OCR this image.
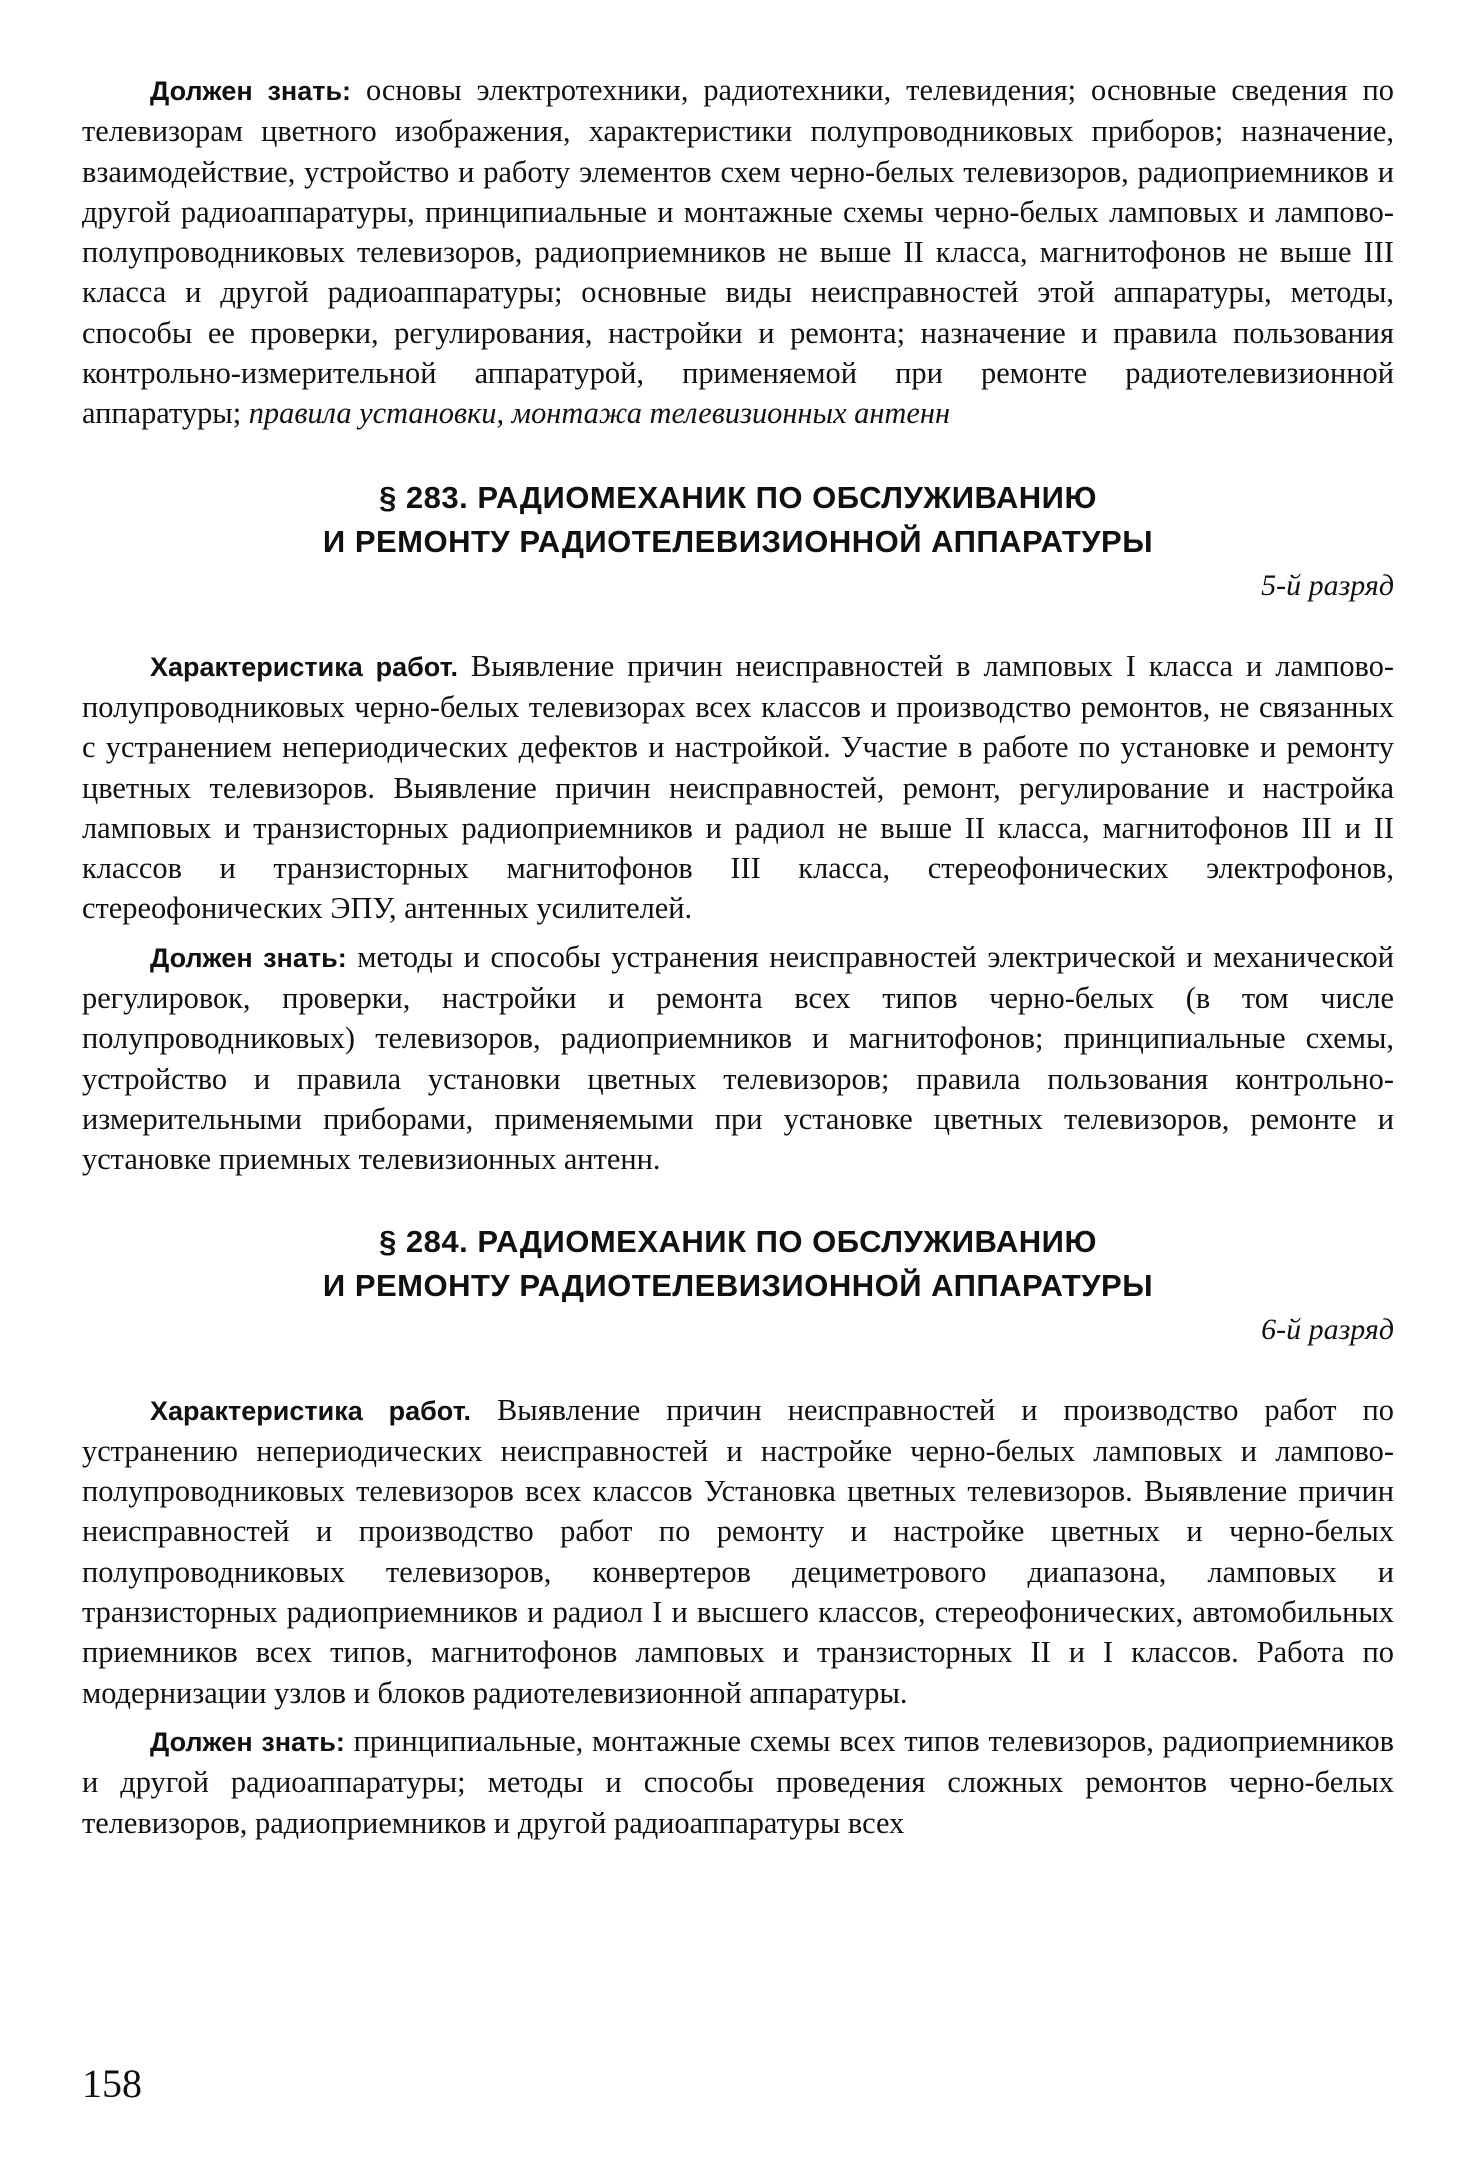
Должен знать: основы электротехники, радиотехники, телевидения; основные сведения по телевизорам цветного изображения, характеристики полупроводниковых приборов; назначение, взаимодействие, устройство и работу элементов схем черно-белых телевизоров, радиоприемников и другой радиоаппаратуры, принципиальные и монтажные схемы черно-белых ламповых и лампово-полупроводниковых телевизоров, радиоприемников не выше II класса, магнитофонов не выше III класса и другой радиоаппаратуры; основные виды неисправностей этой аппаратуры, методы, способы ее проверки, регулирования, настройки и ремонта; назначение и правила пользования контрольно-измерительной аппаратурой, применяемой при ремонте радиотелевизионной аппаратуры; правила установки, монтажа телевизионных антенн

§ 283. РАДИОМЕХАНИК ПО ОБСЛУЖИВАНИЮ
И РЕМОНТУ РАДИОТЕЛЕВИЗИОННОЙ АППАРАТУРЫ
5-й разряд

Характеристика работ. Выявление причин неисправностей в ламповых I класса и лампово-полупроводниковых черно-белых телевизорах всех классов и производство ремонтов, не связанных с устранением непериодических дефектов и настройкой. Участие в работе по установке и ремонту цветных телевизоров. Выявление причин неисправностей, ремонт, регулирование и настройка ламповых и транзисторных радиоприемников и радиол не выше II класса, магнитофонов III и II классов и транзисторных магнитофонов III класса, стереофонических электрофонов, стереофонических ЭПУ, антенных усилителей.

Должен знать: методы и способы устранения неисправностей электрической и механической регулировок, проверки, настройки и ремонта всех типов черно-белых (в том числе полупроводниковых) телевизоров, радиоприемников и магнитофонов; принципиальные схемы, устройство и правила установки цветных телевизоров; правила пользования контрольно-измерительными приборами, применяемыми при установке цветных телевизоров, ремонте и установке приемных телевизионных антенн.

§ 284. РАДИОМЕХАНИК ПО ОБСЛУЖИВАНИЮ
И РЕМОНТУ РАДИОТЕЛЕВИЗИОННОЙ АППАРАТУРЫ
6-й разряд

Характеристика работ. Выявление причин неисправностей и производство работ по устранению непериодических неисправностей и настройке черно-белых ламповых и лампово-полупроводниковых телевизоров всех классов Установка цветных телевизоров. Выявление причин неисправностей и производство работ по ремонту и настройке цветных и черно-белых полупроводниковых телевизоров, конвертеров дециметрового диапазона, ламповых и транзисторных радиоприемников и радиол I и высшего классов, стереофонических, автомобильных приемников всех типов, магнитофонов ламповых и транзисторных II и I классов. Работа по модернизации узлов и блоков радиотелевизионной аппаратуры.

Должен знать: принципиальные, монтажные схемы всех типов телевизоров, радиоприемников и другой радиоаппаратуры; методы и способы проведения сложных ремонтов черно-белых телевизоров, радиоприемников и другой радиоаппаратуры всех

158
